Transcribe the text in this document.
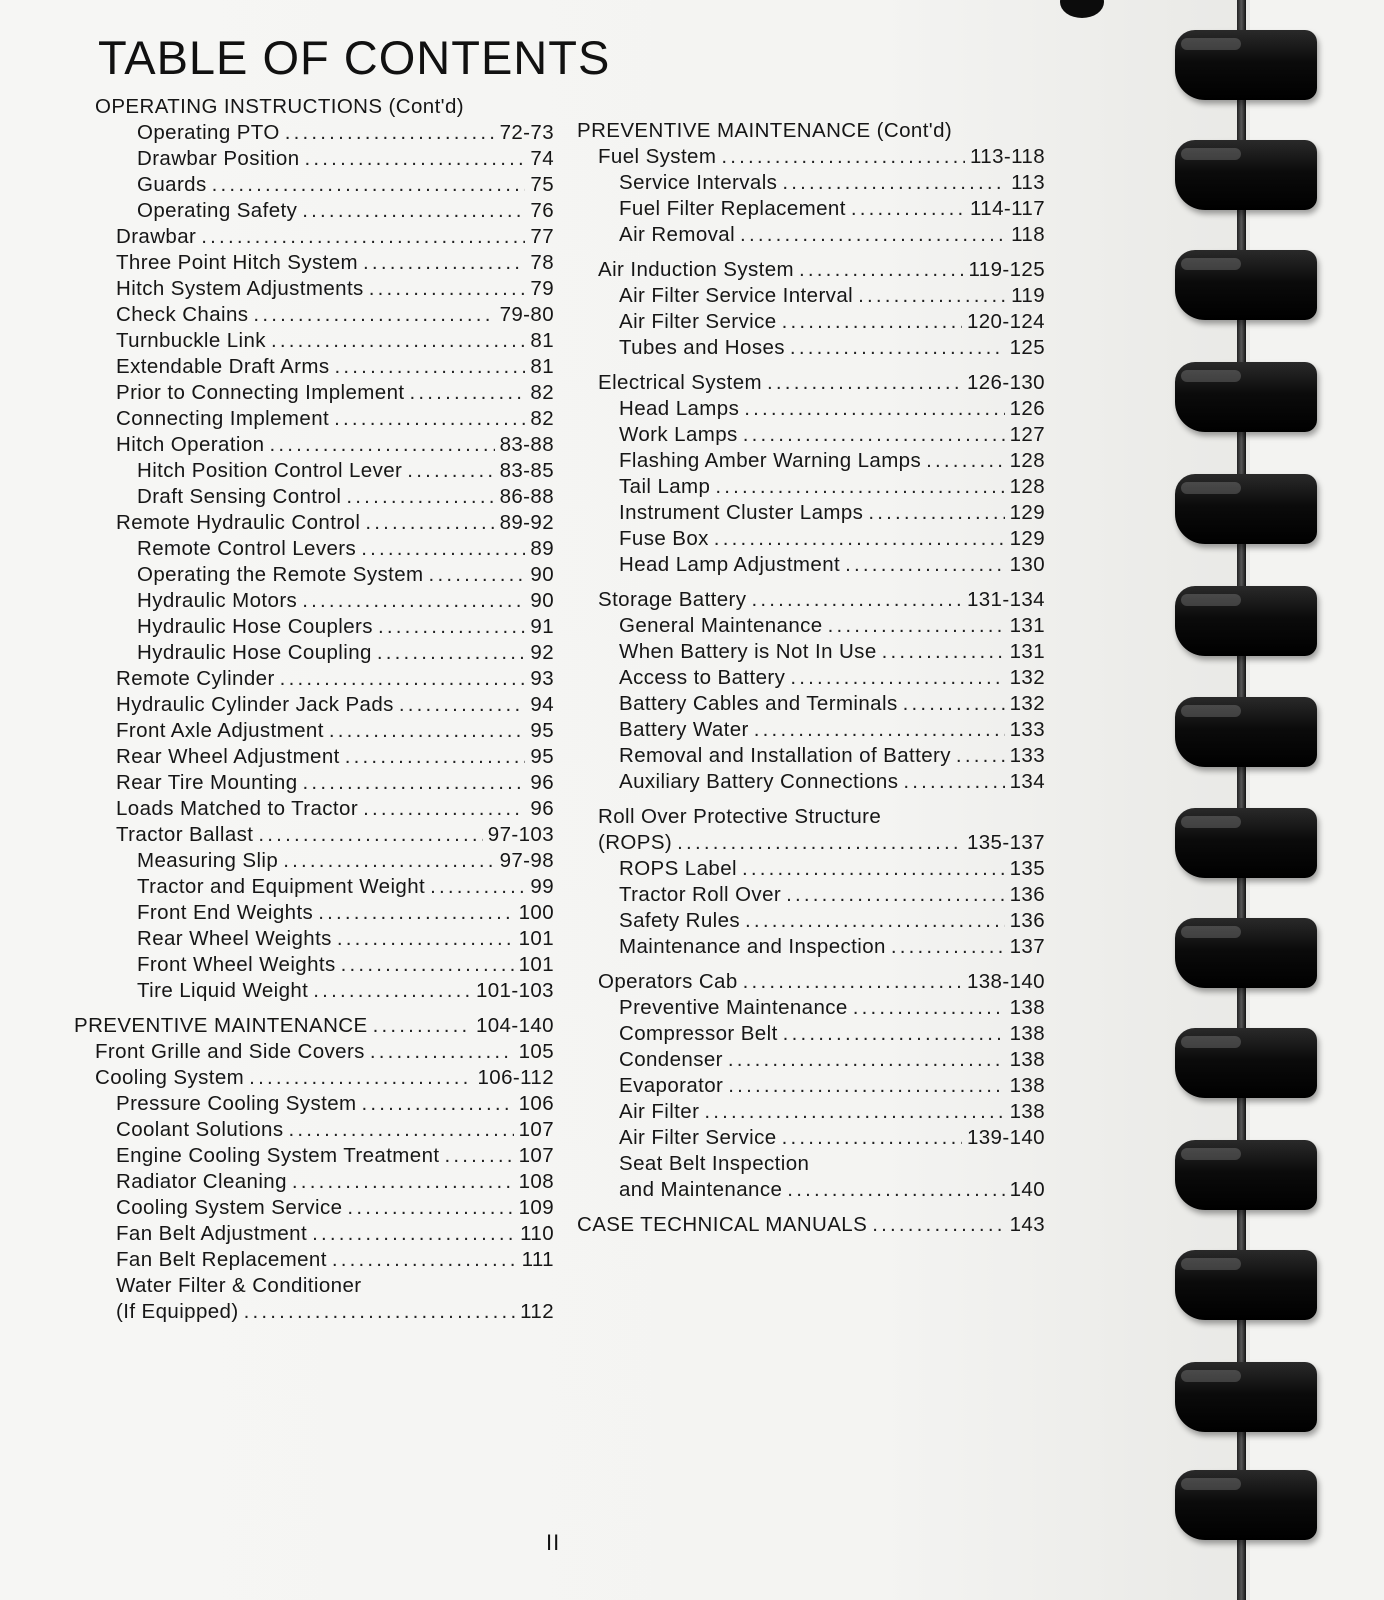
TABLE OF CONTENTS
OPERATING INSTRUCTIONS (Cont'd)
Operating PTO .....	72-73
Drawbar Position .....	74
Guards .....	75
Operating Safety .....	76
Drawbar .....	77
Three Point Hitch System .....	78
Hitch System Adjustments .....	79
Check Chains .....	79-80
Turnbuckle Link .....	81
Extendable Draft Arms .....	81
Prior to Connecting Implement .....	82
Connecting Implement .....	82
Hitch Operation .....	83-88
Hitch Position Control Lever .....	83-85
Draft Sensing Control .....	86-88
Remote Hydraulic Control .....	89-92
Remote Control Levers .....	89
Operating the Remote System .....	90
Hydraulic Motors .....	90
Hydraulic Hose Couplers .....	91
Hydraulic Hose Coupling .....	92
Remote Cylinder .....	93
Hydraulic Cylinder Jack Pads .....	94
Front Axle Adjustment .....	95
Rear Wheel Adjustment .....	95
Rear Tire Mounting .....	96
Loads Matched to Tractor .....	96
Tractor Ballast .....	97-103
Measuring Slip .....	97-98
Tractor and Equipment Weight .....	99
Front End Weights .....	100
Rear Wheel Weights .....	101
Front Wheel Weights .....	101
Tire Liquid Weight .....	101-103
PREVENTIVE MAINTENANCE .....	104-140
Front Grille and Side Covers .....	105
Cooling System .....	106-112
Pressure Cooling System .....	106
Coolant Solutions .....	107
Engine Cooling System Treatment .....	107
Radiator Cleaning .....	108
Cooling System Service .....	109
Fan Belt Adjustment .....	110
Fan Belt Replacement .....	111
Water Filter & Conditioner
(If Equipped) .....	112
PREVENTIVE MAINTENANCE (Cont'd)
Fuel System .....	113-118
Service Intervals .....	113
Fuel Filter Replacement .....	114-117
Air Removal .....	118
Air Induction System .....	119-125
Air Filter Service Interval .....	119
Air Filter Service .....	120-124
Tubes and Hoses .....	125
Electrical System .....	126-130
Head Lamps .....	126
Work Lamps .....	127
Flashing Amber Warning Lamps .....	128
Tail Lamp .....	128
Instrument Cluster Lamps .....	129
Fuse Box .....	129
Head Lamp Adjustment .....	130
Storage Battery .....	131-134
General Maintenance .....	131
When Battery is Not In Use .....	131
Access to Battery .....	132
Battery Cables and Terminals .....	132
Battery Water .....	133
Removal and Installation of Battery .....	133
Auxiliary Battery Connections .....	134
Roll Over Protective Structure
(ROPS) .....	135-137
ROPS Label .....	135
Tractor Roll Over .....	136
Safety Rules .....	136
Maintenance and Inspection .....	137
Operators Cab .....	138-140
Preventive Maintenance .....	138
Compressor Belt .....	138
Condenser .....	138
Evaporator .....	138
Air Filter .....	138
Air Filter Service .....	139-140
Seat Belt Inspection
and Maintenance .....	140
CASE TECHNICAL MANUALS .....	143
II
